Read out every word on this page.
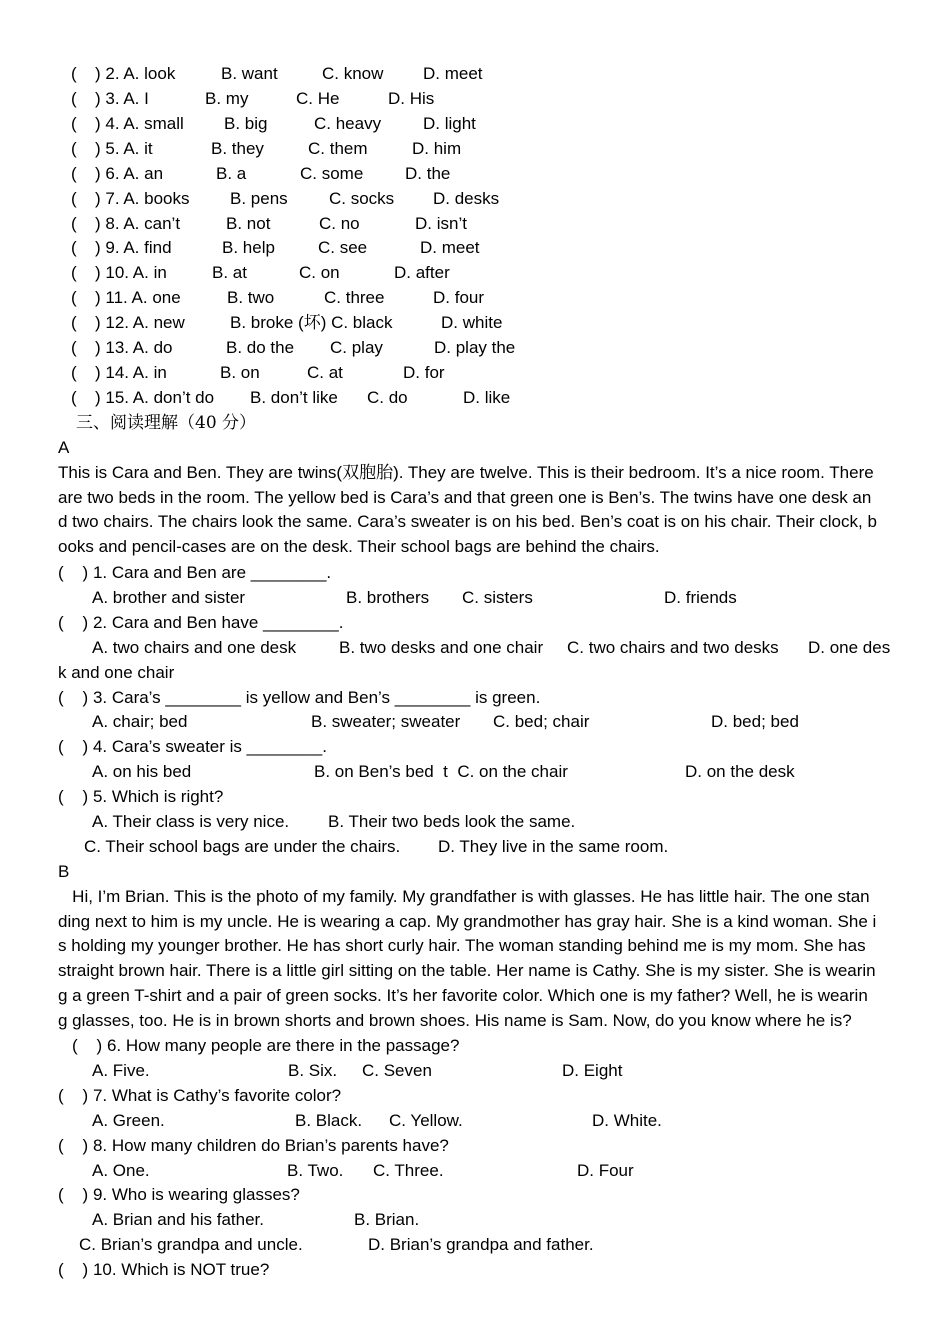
( ) 2. A. look	B. want	C. know D. meet
( ) 3. A. I	B. my	C. He	D. His
( ) 4. A. small B. big	C. heavy D. light
( ) 5. A. it	B. they	C. them	D. him
( ) 6. A. an	B. a	C. some D. the
( ) 7. A. books B. pens C. socks D. desks
( ) 8. A. can’t	B. not	C. no	D. isn’t
( ) 9. A. find	B. help	C. see	D. meet
( ) 10. A. in	B. at	C. on	D. after
( ) 11. A. one	B. two	C. three	D. four
( ) 12. A. new	B. broke (坏) C. black	D. white
( ) 13. A. do	B. do the C. play	D. play the
( ) 14. A. in	B. on	C. at	D. for
( ) 15. A. don’t do B. don’t like C. do	D. like
三、阅读理解（40 分）
A
This is Cara and Ben. They are twins(双胞胎). They are twelve. This is their bedroom. It’s a nice room. There
are two beds in the room. The yellow bed is Cara’s and that green one is Ben’s. The twins have one desk an
d two chairs. The chairs look the same. Cara’s sweater is on his bed. Ben’s coat is on his chair. Their clock, b
ooks and pencil-cases are on the desk. Their school bags are behind the chairs.
(    ) 1. Cara and Ben are ________.
A. brother and sister	B. brothers C. sisters	D. friends
(    ) 2. Cara and Ben have ________.
A. two chairs and one desk	B. two desks and one chair C. two chairs and two desks D. one des
k and one chair
(    ) 3. Cara’s ________ is yellow and Ben’s ________ is green.
A. chair; bed	B. sweater; sweater C. bed; chair	D. bed; bed
(    ) 4. Cara’s sweater is ________.
A. on his bed	B. on Ben’s bed  t  C. on the chair	D. on the desk
(    ) 5. Which is right?
A. Their class is very nice. B. Their two beds look the same.
C. Their school bags are under the chairs. D. They live in the same room.
B
Hi, I’m Brian. This is the photo of my family. My grandfather is with glasses. He has little hair. The one stan
ding next to him is my uncle. He is wearing a cap. My grandmother has gray hair. She is a kind woman. She i
s holding my younger brother. He has short curly hair. The woman standing behind me is my mom. She has
straight brown hair. There is a little girl sitting on the table. Her name is Cathy. She is my sister. She is wearin
g a green T-shirt and a pair of green socks. It’s her favorite color. Which one is my father? Well, he is wearin
g glasses, too. He is in brown shorts and brown shoes. His name is Sam. Now, do you know where he is?
(    ) 6. How many people are there in the passage?
A. Five.	B. Six. C. Seven	D. Eight
(    ) 7. What is Cathy’s favorite color?
A. Green.	B. Black. C. Yellow.	D. White.
(    ) 8. How many children do Brian’s parents have?
A. One.	B. Two. C. Three.	D. Four
(    ) 9. Who is wearing glasses?
A. Brian and his father.	B. Brian.
C. Brian’s grandpa and uncle.	D. Brian’s grandpa and father.
(    ) 10. Which is NOT true?
